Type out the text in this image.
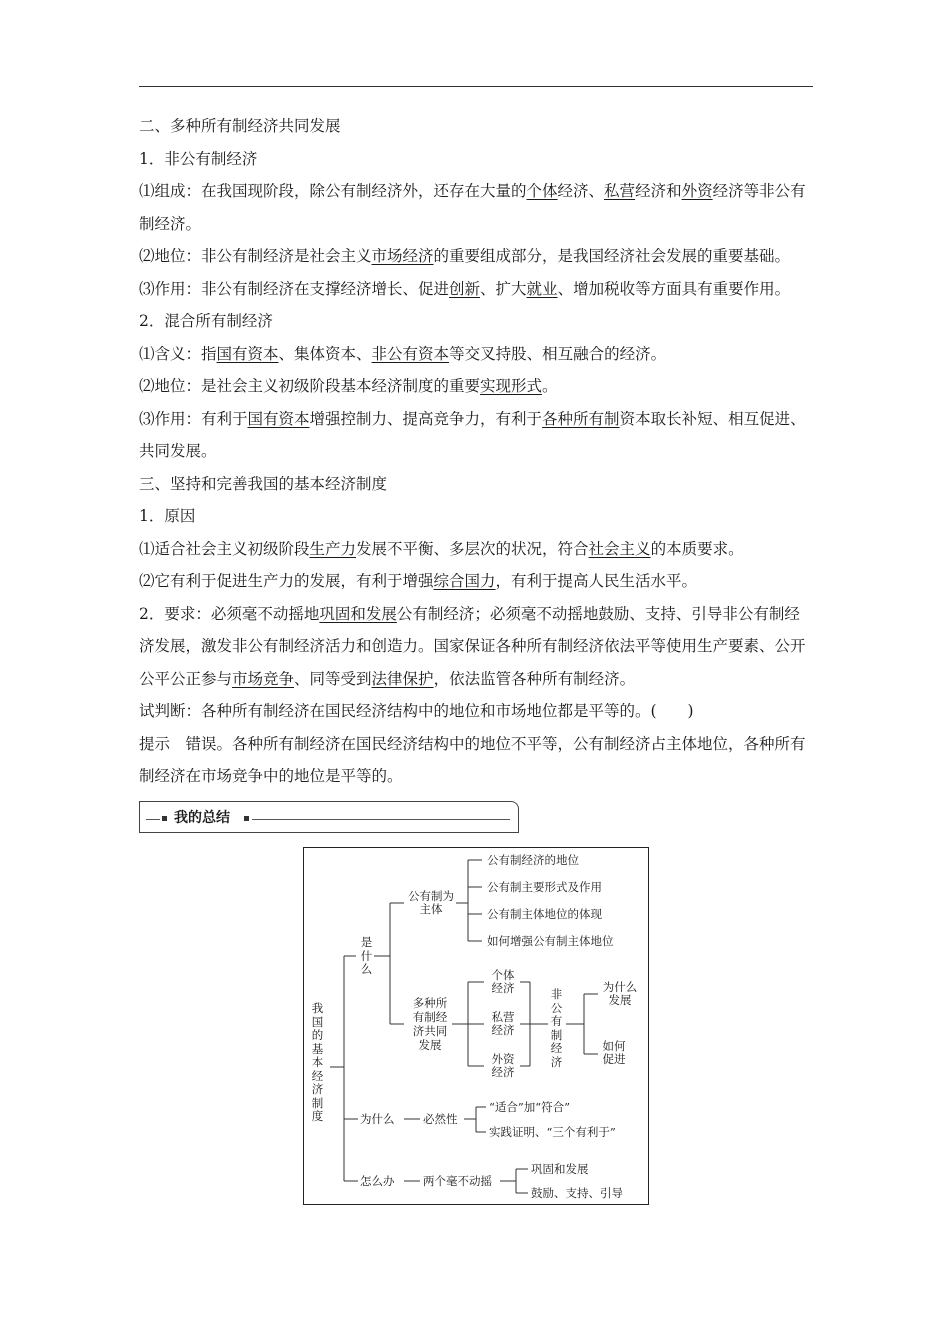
二、多种所有制经济共同发展

1．非公有制经济

⑴组成：在我国现阶段，除公有制经济外，还存在大量的个体经济、私营经济和外资经济等非公有制经济。

⑵地位：非公有制经济是社会主义市场经济的重要组成部分，是我国经济社会发展的重要基础。

⑶作用：非公有制经济在支撑经济增长、促进创新、扩大就业、增加税收等方面具有重要作用。

2．混合所有制经济

⑴含义：指国有资本、集体资本、非公有资本等交叉持股、相互融合的经济。

⑵地位：是社会主义初级阶段基本经济制度的重要实现形式。

⑶作用：有利于国有资本增强控制力、提高竞争力，有利于各种所有制资本取长补短、相互促进、共同发展。

三、坚持和完善我国的基本经济制度

1．原因

⑴适合社会主义初级阶段生产力发展不平衡、多层次的状况，符合社会主义的本质要求。

⑵它有利于促进生产力的发展，有利于增强综合国力，有利于提高人民生活水平。

2．要求：必须毫不动摇地巩固和发展公有制经济；必须毫不动摇地鼓励、支持、引导非公有制经济发展，激发非公有制经济活力和创造力。国家保证各种所有制经济依法平等使用生产要素、公开公平公正参与市场竞争、同等受到法律保护，依法监管各种所有制经济。

试判断：各种所有制经济在国民经济结构中的地位和市场地位都是平等的。(　　)

提示　错误。各种所有制经济在国民经济结构中的地位不平等，公有制经济占主体地位，各种所有制经济在市场竞争中的地位是平等的。

我的总结
我国的基本经济制度
是什么
公有制为主体
公有制经济的地位
公有制主要形式及作用
公有制主体地位的体现
如何增强公有制主体地位
多种所有制经济共同发展
个体经济
私营经济
外资经济
非公有制经济
为什么发展
如何促进
为什么 必然性
“适合”加“符合”
实践证明、“三个有利于”
怎么办 两个毫不动摇
巩固和发展
鼓励、支持、引导
